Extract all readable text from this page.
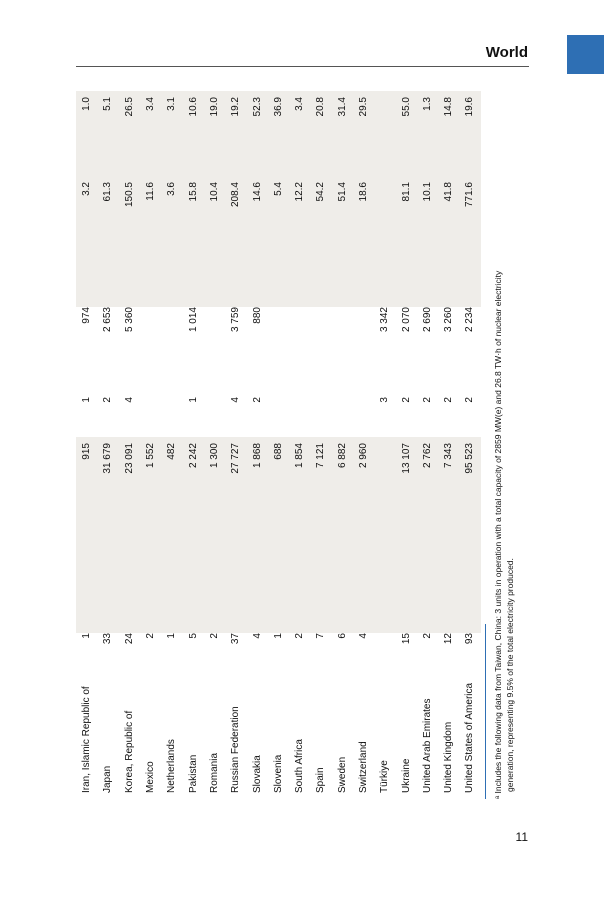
World
Iran, Islamic Republic of	1	915	1	974	3.2	1.0
Japan	33	31 679	2	2 653	61.3	5.1
Korea, Republic of	24	23 091	4	5 360	150.5	26.5
Mexico	2	1 552			11.6	3.4
Netherlands	1	482			3.6	3.1
Pakistan	5	2 242	1	1 014	15.8	10.6
Romania	2	1 300			10.4	19.0
Russian Federation	37	27 727	4	3 759	208.4	19.2
Slovakia	4	1 868	2	880	14.6	52.3
Slovenia	1	688			5.4	36.9
South Africa	2	1 854			12.2	3.4
Spain	7	7 121			54.2	20.8
Sweden	6	6 882			51.4	31.4
Switzerland	4	2 960			18.6	29.5
Türkiye			3	3 342		
Ukraine	15	13 107	2	2 070	81.1	55.0
United Arab Emirates	2	2 762	2	2 690	10.1	1.3
United Kingdom	12	7 343	2	3 260	41.8	14.8
United States of America	93	95 523	2	2 234	771.6	19.6
ᵃ Includes the following data from Taiwan, China: 3 units in operation with a total capacity of 2859 MW(e) and 26.8 TW·h of nuclear electricity generation, representing 9.5% of the total electricity produced.
11
